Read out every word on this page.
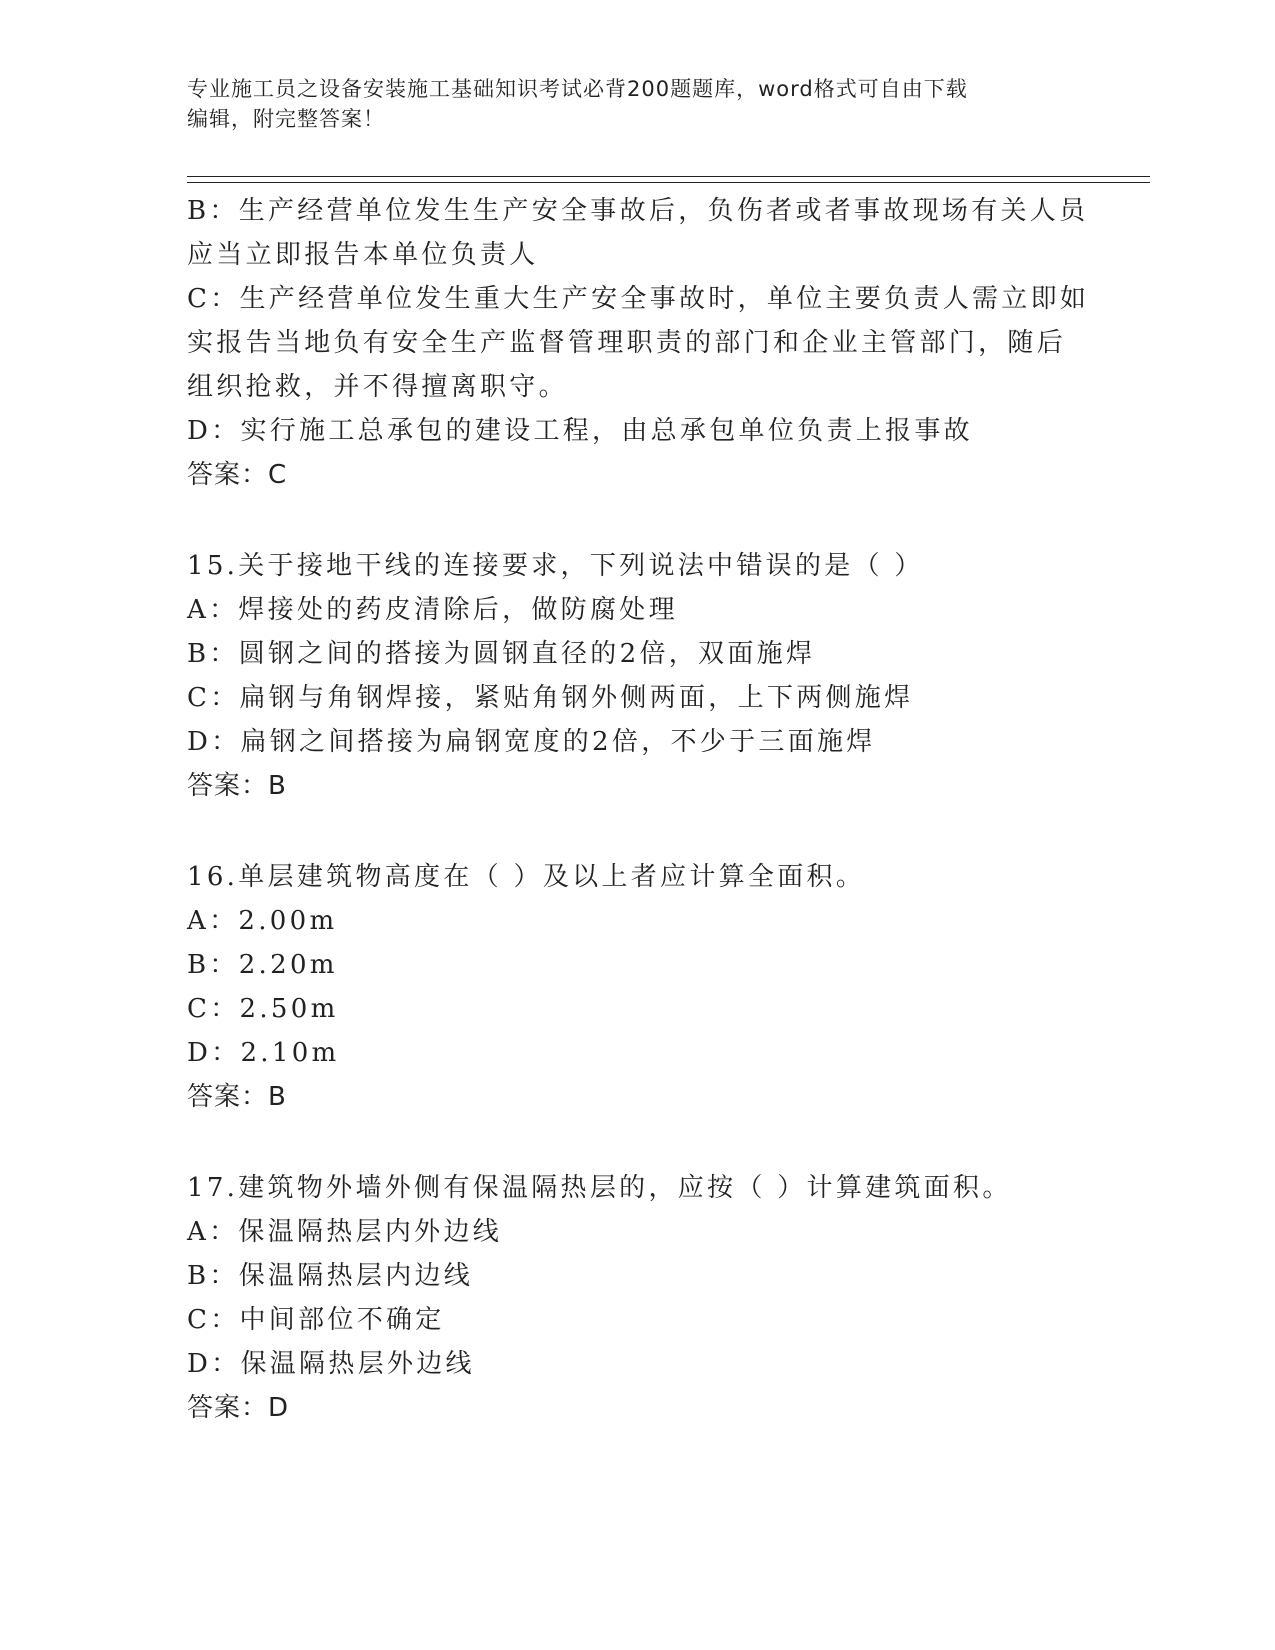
专业施工员之设备安装施工基础知识考试必背200题题库，word格式可自由下载
编辑，附完整答案！
B：生产经营单位发生生产安全事故后，负伤者或者事故现场有关人员
应当立即报告本单位负责人
C：生产经营单位发生重大生产安全事故时，单位主要负责人需立即如
实报告当地负有安全生产监督管理职责的部门和企业主管部门，随后
组织抢救，并不得擅离职守。
D：实行施工总承包的建设工程，由总承包单位负责上报事故
答案：C
15.关于接地干线的连接要求，下列说法中错误的是（ ）
A：焊接处的药皮清除后，做防腐处理
B：圆钢之间的搭接为圆钢直径的2倍，双面施焊
C：扁钢与角钢焊接，紧贴角钢外侧两面，上下两侧施焊
D：扁钢之间搭接为扁钢宽度的2倍，不少于三面施焊
答案：B
16.单层建筑物高度在（ ）及以上者应计算全面积。
A：2.00m
B：2.20m
C：2.50m
D：2.10m
答案：B
17.建筑物外墙外侧有保温隔热层的，应按（ ）计算建筑面积。
A：保温隔热层内外边线
B：保温隔热层内边线
C：中间部位不确定
D：保温隔热层外边线
答案：D
